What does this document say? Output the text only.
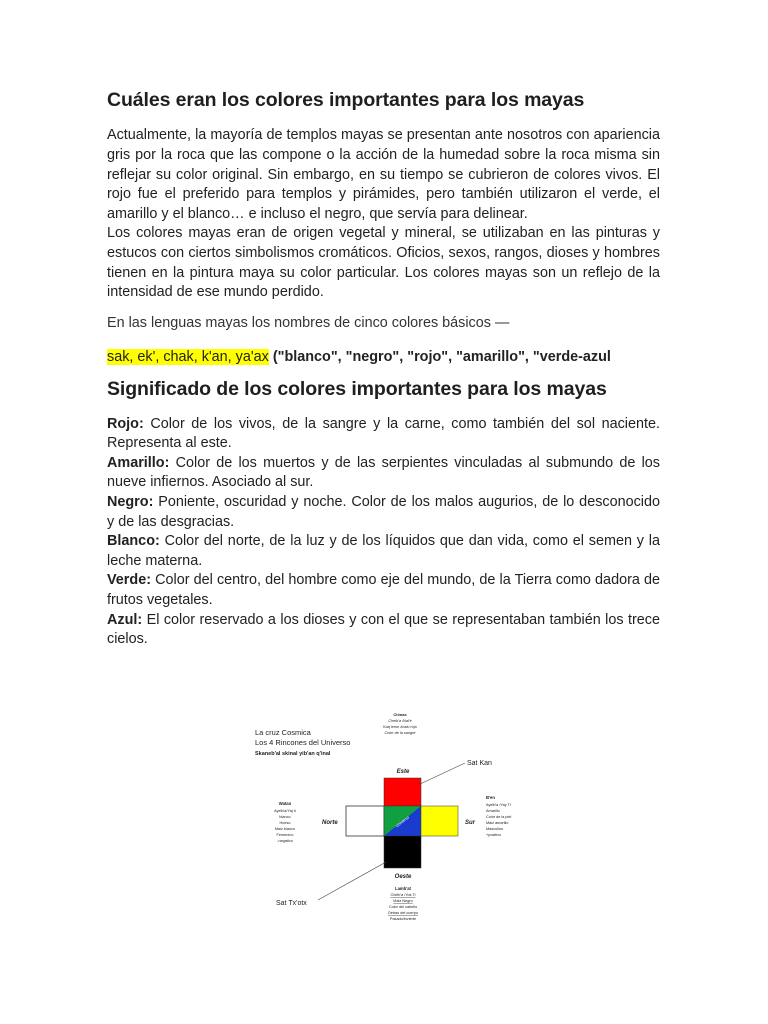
Cuáles eran los colores importantes para los mayas

Actualmente, la mayoría de templos mayas se presentan ante nosotros con apariencia gris por la roca que las compone o la acción de la humedad sobre la roca misma sin reflejar su color original. Sin embargo, en su tiempo se cubrieron de colores vivos. El rojo fue el preferido para templos y pirámides, pero también utilizaron el verde, el amarillo y el blanco… e incluso el negro, que servía para delinear.

Los colores mayas eran de origen vegetal y mineral, se utilizaban en las pinturas y estucos con ciertos simbolismos cromáticos. Oficios, sexos, rangos, dioses y hombres tienen en la pintura maya su color particular. Los colores mayas son un reflejo de la intensidad de ese mundo perdido.

En las lenguas mayas los nombres de cinco colores básicos —

sak, ek', chak, k'an, ya'ax ("blanco", "negro", "rojo", "amarillo", "verde-azul
Significado de los colores importantes para los mayas

Rojo: Color de los vivos, de la sangre y la carne, como también del sol naciente. Representa al este.

Amarillo: Color de los muertos y de las serpientes vinculadas al submundo de los nueve infiernos. Asociado al sur.

Negro: Poniente, oscuridad y noche. Color de los malos augurios, de lo desconocido y de las desgracias.

Blanco: Color del norte, de la luz y de los líquidos que dan vida, como el semen y la leche materna.

Verde: Color del centro, del hombre como eje del mundo, de la Tierra como dadora de frutos vegetales.

Azul: El color reservado a los dioses y con el que se representaban también los trece cielos.

La cruz Cosmica
Los 4 Rincones del Universo
Skaneb'al skinal yib'an q'inal
Chinax
Chelb'a /Nal'é
Kaq lemn /malú rojo
Color de la sangre
Este
Sat Kan
Universo
Norte	Sur
Oeste
Watan
Ayelb'a/Yaj tí
blanco
Hueso
Maiz blanco
Femenino
-negativo
B'en
Ayelb'a /Yay Ti
Amarillo
Color de la piel
Maiz amarillo
Masculino
+positivo
Sat Tx'otx
Lamb'at
Chelb'a /Yok Ti
Maiz Negro
Color del cabello
Detras del cuerpo
Pasado/invierte
